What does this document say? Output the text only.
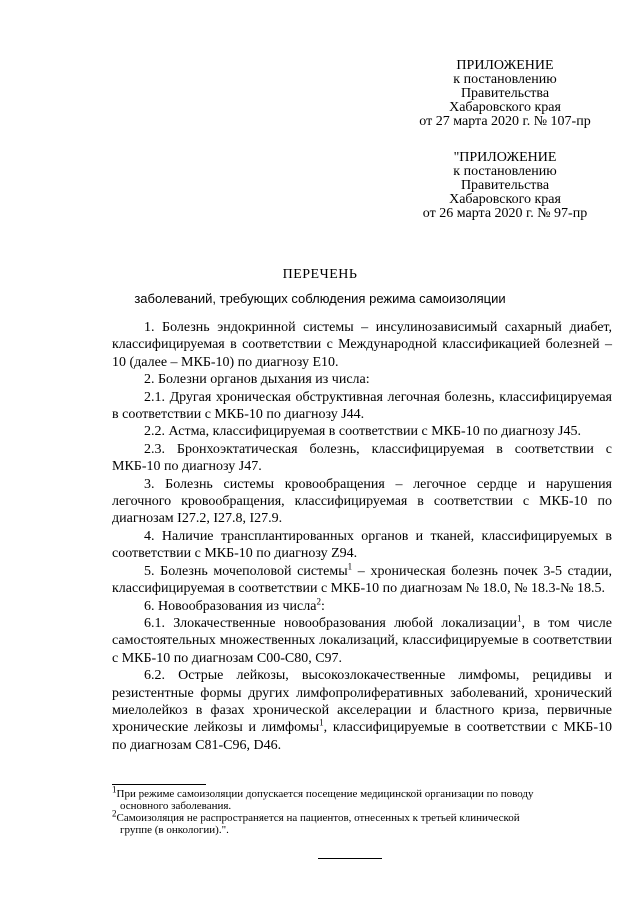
ПРИЛОЖЕНИЕ
к постановлению
Правительства
Хабаровского края
от 27 марта 2020 г. № 107-пр
"ПРИЛОЖЕНИЕ
к постановлению
Правительства
Хабаровского края
от 26 марта 2020 г. № 97-пр
ПЕРЕЧЕНЬ
заболеваний, требующих соблюдения режима самоизоляции

1. Болезнь эндокринной системы – инсулинозависимый сахарный диабет, классифицируемая в соответствии с Международной классификацией болезней – 10 (далее – МКБ-10) по диагнозу Е10.

2. Болезни органов дыхания из числа:

2.1. Другая хроническая обструктивная легочная болезнь, классифицируемая в соответствии с МКБ-10 по диагнозу J44.

2.2. Астма, классифицируемая в соответствии с МКБ-10 по диагнозу J45.

2.3. Бронхоэктатическая болезнь, классифицируемая в соответствии с МКБ-10 по диагнозу J47.

3. Болезнь системы кровообращения – легочное сердце и нарушения легочного кровообращения, классифицируемая в соответствии с МКБ-10 по диагнозам I27.2, I27.8, I27.9.

4. Наличие трансплантированных органов и тканей, классифицируемых в соответствии с МКБ-10 по диагнозу Z94.

5. Болезнь мочеполовой системы$^1$ – хроническая болезнь почек 3-5 стадии, классифицируемая в соответствии с МКБ-10 по диагнозам № 18.0, № 18.3-№ 18.5.

6. Новообразования из числа$^2$:

6.1. Злокачественные новообразования любой локализации$^1$, в том числе самостоятельных множественных локализаций, классифицируемые в соответствии с МКБ-10 по диагнозам С00-С80, С97.

6.2. Острые лейкозы, высокозлокачественные лимфомы, рецидивы и резистентные формы других лимфопролиферативных заболеваний, хронический миелолейкоз в фазах хронической акселерации и бластного криза, первичные хронические лейкозы и лимфомы$^1$, классифицируемые в соответствии с МКБ-10 по диагнозам С81-С96, D46.

$^1$При режиме самоизоляции допускается посещение медицинской организации по поводу
основного заболевания.
$^2$Самоизоляция не распространяется на пациентов, отнесенных к третьей клинической
группе (в онкологии).".
